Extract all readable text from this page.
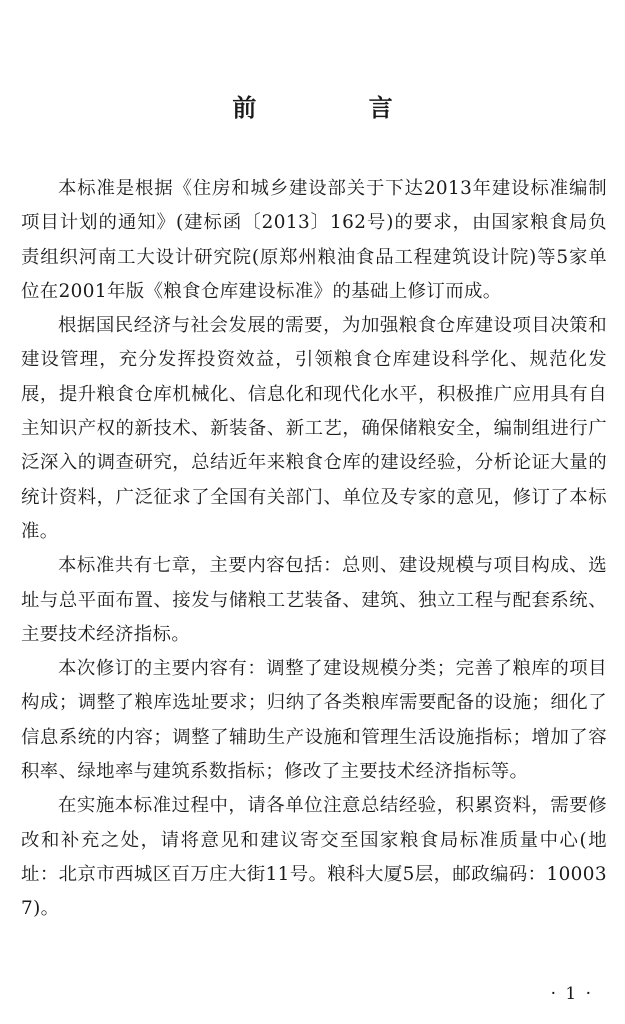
前 言

本标准是根据《住房和城乡建设部关于下达2013年建设标准编制项目计划的通知》(建标函〔2013〕162号)的要求，由国家粮食局负责组织河南工大设计研究院(原郑州粮油食品工程建筑设计院)等5家单位在2001年版《粮食仓库建设标准》的基础上修订而成。

根据国民经济与社会发展的需要，为加强粮食仓库建设项目决策和建设管理，充分发挥投资效益，引领粮食仓库建设科学化、规范化发展，提升粮食仓库机械化、信息化和现代化水平，积极推广应用具有自主知识产权的新技术、新装备、新工艺，确保储粮安全，编制组进行广泛深入的调查研究，总结近年来粮食仓库的建设经验，分析论证大量的统计资料，广泛征求了全国有关部门、单位及专家的意见，修订了本标准。

本标准共有七章，主要内容包括：总则、建设规模与项目构成、选址与总平面布置、接发与储粮工艺装备、建筑、独立工程与配套系统、主要技术经济指标。

本次修订的主要内容有：调整了建设规模分类；完善了粮库的项目构成；调整了粮库选址要求；归纳了各类粮库需要配备的设施；细化了信息系统的内容；调整了辅助生产设施和管理生活设施指标；增加了容积率、绿地率与建筑系数指标；修改了主要技术经济指标等。

在实施本标准过程中，请各单位注意总结经验，积累资料，需要修改和补充之处，请将意见和建议寄交至国家粮食局标准质量中心(地址：北京市西城区百万庄大街11号。粮科大厦5层，邮政编码：100037)。

· 1 ·
